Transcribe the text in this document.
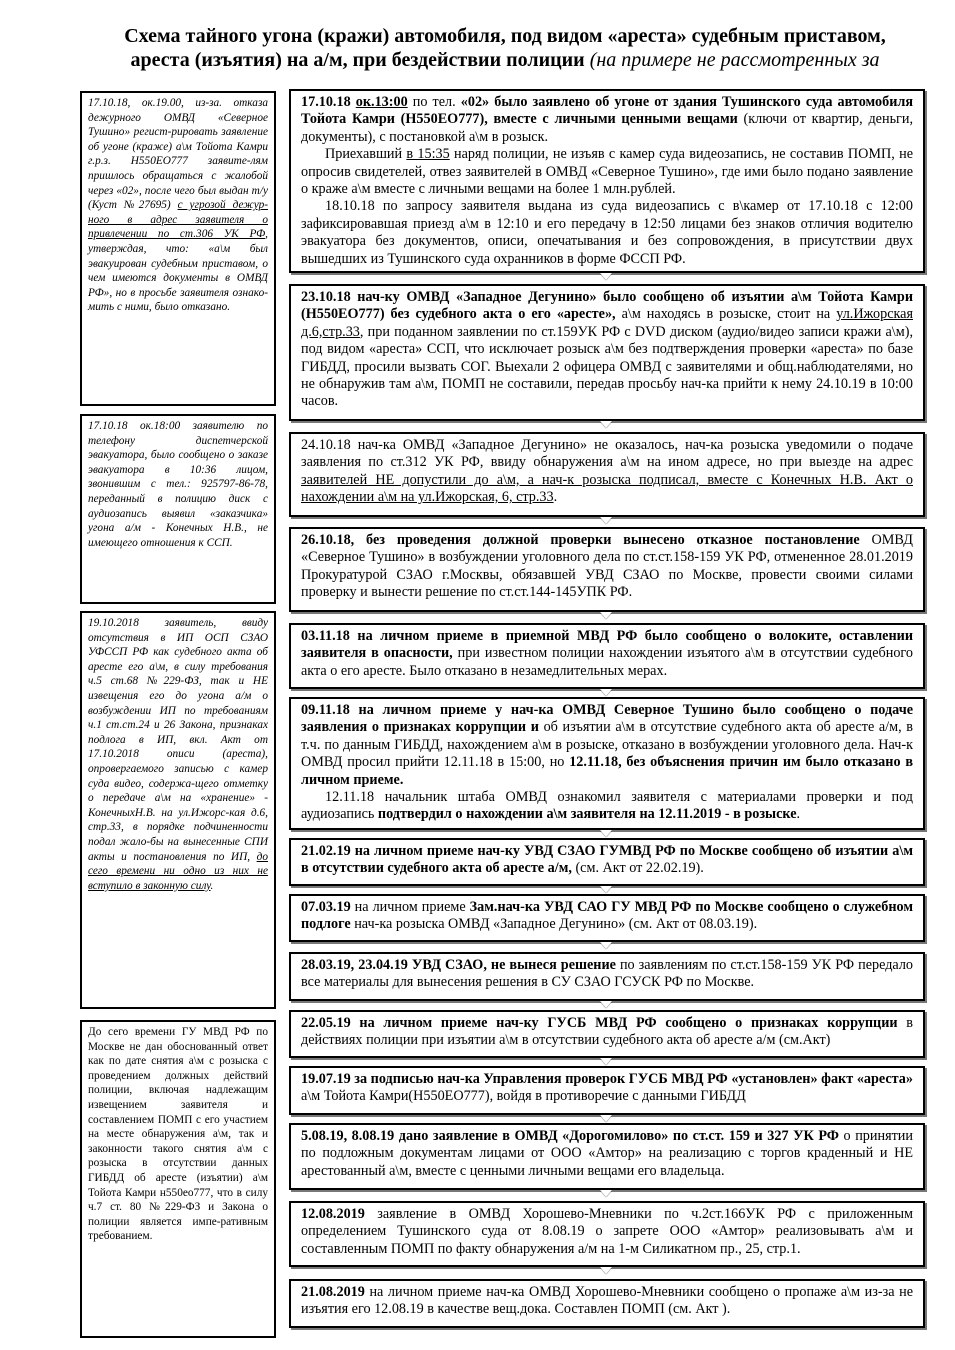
Схема тайного угона (кражи) автомобиля, под видом «ареста» судебным приставом,
ареста (изъятия) на а/м, при бездействии полиции (на примере не рассмотренных за
17.10.18, ок.19.00, из-за. отказа дежурного ОМВД «Северное Тушино» регист-рировать заявление об угоне (краже) а\м Тойота Камри г.р.з. Н550ЕО777 заявите-лям пришлось обращаться с жалобой через «02», после чего был выдан т/у (Куст №27695) с угрозой дежур-ного в адрес заявителя о привлечении по ст.306 УК РФ, утверждая, что: «а\м был эвакуирован судебным приставом, о чем имеются документы в ОМВД РФ», но в просьбе заявителя ознако-мить с ними, было отказано.
17.10.18 ок.18:00 заявителю по телефону диспетчерской эвакуатора, было сообщено о заказе эвакуатора в 10:36 лицом, звонившим с тел.: 925797-86-78, переданный в полицию диск с аудиозапись выявил «заказчика» угона а/м - Конечных Н.В., не имеющего отношения к ССП.
19.10.2018 заявитель, ввиду отсутствия в ИП ОСП СЗАО УФССП РФ как судебного акта об аресте его а\м, в силу требования ч.5 ст.68 №229-ФЗ, так и НЕ извещения его до угона а/м о возбуждении ИП по требованиям ч.1 ст.ст.24 и 26 Закона, признаках подлога в ИП, вкл. Акт от 17.10.2018 описи (ареста), опровергаемого записью с камер суда видео, содержа-щего отметку о передаче а\м на «хранение» - КонечныхН.В. на ул.Ижорс-кая д.6, стр.33, в порядке подчиненности подал жало-бы на вынесенные СПИ акты и постановления по ИП, до сего времени ни одно из них не вступило в законную силу.
До сего времени ГУ МВД РФ по Москве не дан обоснованный ответ как по дате снятия а\м с розыска с проведением должных действий полиции, включая надлежащим извещением заявителя и составлением ПОМП с его участием на месте обнаружения а\м, так и законности такого снятия а\м с розыска в отсутствии данных ГИБДД об аресте (изъятии) а\м Тойота Камри н550ео777, что в силу ч.7 ст. 80 №229-ФЗ и Закона о полиции является импе-ративным требованием.
17.10.18 ок.13:00 по тел. «02» было заявлено об угоне от здания Тушинского суда автомобиля Тойота Камри (Н550ЕО777), вместе с личными ценными вещами (ключи от квартир, деньги, документы), с постановкой а\м в розыск.
Приехавший в 15:35 наряд полиции, не изъяв с камер суда видеозапись, не составив ПОМП, не опросив свидетелей, отвез заявителей в ОМВД «Северное Тушино», где ими было подано заявление о краже а\м вместе с личными вещами на более 1 млн.рублей.
18.10.18 по запросу заявителя выдана из суда видеозапись с в\камер от 17.10.18 с 12:00 зафиксировавшая приезд а\м в 12:10 и его передачу в 12:50 лицами без знаков отличия водителю эвакуатора без документов, описи, опечатывания и без сопровождения, в присутствии двух вышедших из Тушинского суда охранников в форме ФССП РФ.
23.10.18 нач-ку ОМВД «Западное Дегунино» было сообщено об изъятии а\м Тойота Камри (Н550ЕО777) без судебного акта о его «аресте», а\м находясь в розыске, стоит на ул.Ижорская д.6,стр.33, при поданном заявлении по ст.159УК РФ с DVD диском (аудио/видео записи кражи а\м), под видом «ареста» ССП, что исключает розыск а\м без подтверждения проверки «ареста» по базе ГИБДД, просили вызвать СОГ. Выехали 2 офицера ОМВД с заявителями и общ.наблюдателями, но не обнаружив там а\м, ПОМП не составили, передав просьбу нач-ка прийти к нему 24.10.19 в 10:00 часов.
24.10.18 нач-ка ОМВД «Западное Дегунино» не оказалось, нач-ка розыска уведомили о подаче заявления по ст.312 УК РФ, ввиду обнаружения а\м на ином адресе, но при выезде на адрес заявителей НЕ допустили до а\м, а нач-к розыска подписал, вместе с Конечных Н.В. Акт о нахождении а\м на ул.Ижорская, 6, стр.33.
26.10.18, без проведения должной проверки вынесено отказное постановление ОМВД «Северное Тушино» в возбуждении уголовного дела по ст.ст.158-159 УК РФ, отмененное 28.01.2019 Прокуратурой СЗАО г.Москвы, обязавшей УВД СЗАО по Москве, провести своими силами проверку и вынести решение по ст.ст.144-145УПК РФ.
03.11.18 на личном приеме в приемной МВД РФ было сообщено о волоките, оставлении заявителя в опасности, при известном полиции нахождении изъятого а\м в отсутствии судебного акта о его аресте. Было отказано в незамедлительных мерах.
09.11.18 на личном приеме у нач-ка ОМВД Северное Тушино было сообщено о подаче заявления о признаках коррупции и об изъятии а\м в отсутствие судебного акта об аресте а/м, в т.ч. по данным ГИБДД, нахождением а\м в розыске, отказано в возбуждении уголовного дела. Нач-к ОМВД просил прийти 12.11.18 в 15:00, но 12.11.18, без объяснения причин им было отказано в личном приеме.
12.11.18 начальник штаба ОМВД ознакомил заявителя с материалами проверки и под аудиозапись подтвердил о нахождении а\м заявителя на 12.11.2019 - в розыске.
21.02.19 на личном приеме нач-ку УВД СЗАО ГУМВД РФ по Москве сообщено об изъятии а\м в отсутствии судебного акта об аресте а/м, (см. Акт от 22.02.19).
07.03.19 на личном приеме Зам.нач-ка УВД САО ГУ МВД РФ по Москве сообщено о служебном подлоге нач-ка розыска ОМВД «Западное Дегунино» (см. Акт от 08.03.19).
28.03.19, 23.04.19 УВД СЗАО, не вынеся решение по заявлениям по ст.ст.158-159 УК РФ передало все материалы для вынесения решения в СУ СЗАО ГСУСК РФ по Москве.
22.05.19 на личном приеме нач-ку ГУСБ МВД РФ сообщено о признаках коррупции в действиях полиции при изъятии а\м в отсутствии судебного акта об аресте а/м (см.Акт)
19.07.19 за подписью нач-ка Управления проверок ГУСБ МВД РФ «установлен» факт «ареста» а\м Тойота Камри(Н550ЕО777), войдя в противоречие с данными ГИБДД
5.08.19, 8.08.19 дано заявление в ОМВД «Дорогомилово» по ст.ст. 159 и 327 УК РФ о принятии по подложным документам лицами от ООО «Амтор» на реализацию с торгов краденный и НЕ арестованный а\м, вместе с ценными личными вещами его владельца.
12.08.2019 заявление в ОМВД Хорошево-Мневники по ч.2ст.166УК РФ с приложенным определением Тушинского суда от 8.08.19 о запрете ООО «Амтор» реализовывать а\м и составленным ПОМП по факту обнаружения а/м на 1-м Силикатном пр., 25, стр.1.
21.08.2019 на личном приеме нач-ка ОМВД Хорошево-Мневники сообщено о пропаже а\м из-за не изъятия его 12.08.19 в качестве вещ.дока. Составлен ПОМП (см. Акт ).
